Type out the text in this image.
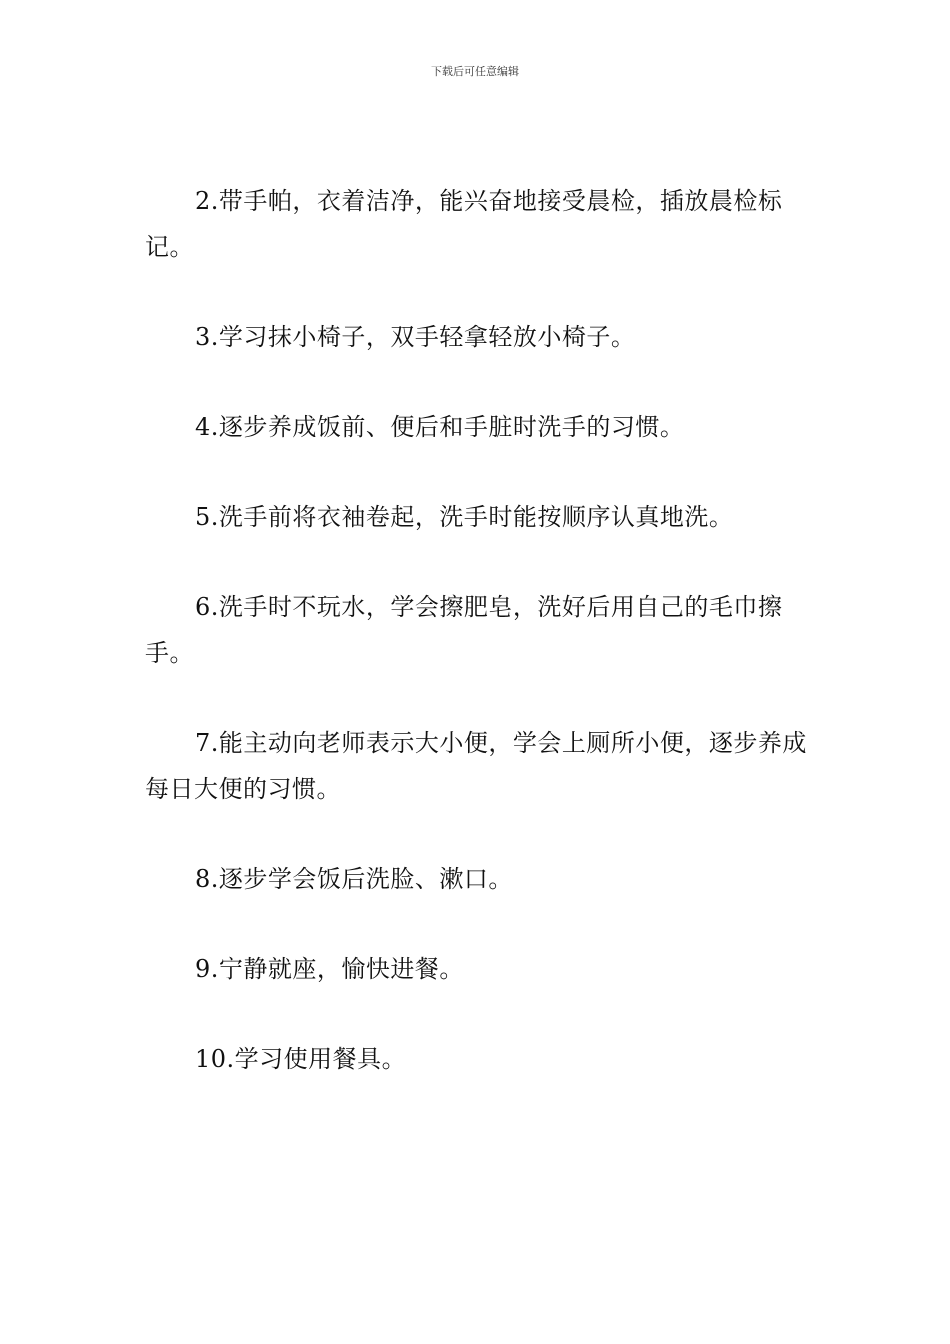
下载后可任意编辑

2.带手帕，衣着洁净，能兴奋地接受晨检，插放晨检标记。

3.学习抹小椅子，双手轻拿轻放小椅子。

4.逐步养成饭前、便后和手脏时洗手的习惯。

5.洗手前将衣袖卷起，洗手时能按顺序认真地洗。

6.洗手时不玩水，学会擦肥皂，洗好后用自己的毛巾擦手。

7.能主动向老师表示大小便，学会上厕所小便，逐步养成每日大便的习惯。

8.逐步学会饭后洗脸、漱口。

9.宁静就座，愉快进餐。

10.学习使用餐具。
